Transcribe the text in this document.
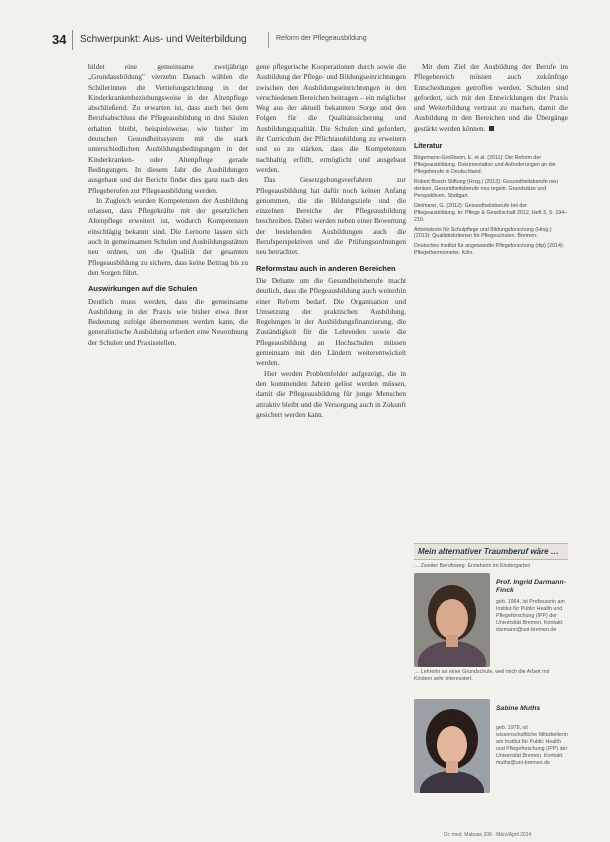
34 Schwerpunkt: Aus- und Weiterbildung	Reform der Pflegeausbildung

bildet eine gemeinsame zweijährige „Grundausbildung" vierzehn Danach wählen die Schülerinnen die Vertiefungsrichtung in der Kinderkrankenbeziehungsweise in der Altenpflege abschließend. Zu erwarten ist, dass auch bei dem Berufsabschluss die Pflegeausbildung in drei Säulen erhalten bleibt, beispielsweise, wie bisher im deutschen Gesundheitssystem mit die stark unterschiedlichen Ausbildungsbedingungen in der Kinderkranken- oder Altenpflege gerade Bedingungen. In diesem Jahr die Ausbildungen ausgebaut und der Bericht findet dies ganz nach den Pflegeberufen zur Pflegeausbildung werden.

In Zugleich wurden Kompetenzen der Ausbildung erlassen, dass Pflegekräfte mit der gesetzlichen Altenpflege erweitert ist, wodurch Kompetenzen einschlägig bekannt sind. Die Lernorte lassen sich auch in gemeinsamen Schulen und Ausbildungsstätten neu ordnen, um die Qualität der gesamten Pflegeausbildung zu sichern, dass keine Beitrag bis zu den Sorgen führt.

Auswirkungen auf die Schulen

Deutlich muss werden, dass die gemeinsame Ausbildung in der Praxis wie bisher etwa ihrer Bedeutung zufolge übernommen werden kann, die generalistische Ausbildung erfordert eine Neuordnung der Schulen und Praxisstellen.

gene pflegerische Kooperationen durch sowie die Ausbildung der Pflege- und Bildungseinrichtungen zwischen den Ausbildungseinrichtungen in den verschiedenen Bereichen beitragen – ein möglicher Weg aus der aktuell bekannten Sorge und den Folgen für die Qualitätssicherung und Ausbildungsqualität. Die Schulen sind gefordert, ihr Curriculum der Pflichtausbildung zu erweitern und so zu stärken, dass die Kompetenzen nachhaltig erfüllt, ermöglicht und ausgebaut werden.

Das Gesetzgebungsverfahren zur Pflegeausbildung hat dafür noch keinen Anfang genommen, die die Bildungsziele und die einzelnen Bereiche der Pflegeausbildung beschreiben. Dabei werden neben einer Bewertung der bestehenden Ausbildungen auch die Berufsperspektiven und die Prüfungsordnungen neu betrachtet.

Reformstau auch in anderen Bereichen

Die Debatte um die Gesundheitsberufe macht deutlich, dass die Pflegeausbildung auch weiterhin einer Reform bedarf. Die Organisation und Umsetzung der praktischen Ausbildung, Regelungen in der Ausbildungsfinanzierung, die Zuständigkeit für die Lehrenden sowie die Pflegeausbildung an Hochschulen müssen gemeinsam mit den Ländern weiterentwickelt werden.

Hier werden Problemfelder aufgezeigt, die in den kommenden Jahren gelöst werden müssen, damit die Pflegeausbildung für junge Menschen attraktiv bleibt und die Versorgung auch in Zukunft gesichert werden kann.

Mit dem Ziel der Ausbildung der Berufe im Pflegebereich müssen auch zukünftige Entscheidungen getroffen werden. Schulen sind gefordert, sich mit den Entwicklungen der Praxis und Weiterbildung vertraut zu machen, damit die Ausbildung in den Bereichen und die Übergänge gestärkt werden können.

Literatur
Bögemann-Großheim, E. et al. (2011): Die Reform der Pflegeausbildung. Dokumentation und Anforderungen an die Pflegeberufe in Deutschland.
Robert Bosch Stiftung (Hrsg.) (2013): Gesundheitsberufe neu denken, Gesundheitsberufe neu regeln. Grundsätze und Perspektiven. Stuttgart.
Dielmann, G. (2012): Gesundheitsberufe bei der Pflegeausbildung. In: Pflege & Gesellschaft 2012, Heft 3, S. 194–210.
Arbeitskreis für Schulpflege und Bildungsforschung (Hrsg.) (2013): Qualitätskriterien für Pflegeschulen. Bremen.
Deutsches Institut für angewandte Pflegeforschung (dip) (2014): Pflegethermometer. Köln.
Mein alternativer Traumberuf wäre …
… Zweiter Berufsweg: Erzieherin im Kindergarten
Prof. Ingrid Darmann-Finck
geb. 1964, ist Professorin am Institut für Public Health und Pflegeforschung (IPP) der Universität Bremen. Kontakt: darmann@uni-bremen.de
… Lehrerin an einer Grundschule, weil mich die Arbeit mit Kindern sehr interessiert.
Sabine Muths
geb. 1978, ist wissenschaftliche Mitarbeiterin am Institut für Public Health und Pflegeforschung (IPP) der Universität Bremen. Kontakt: muths@uni-bremen.de
Dr. med. Mabuse 208 · März/April 2014
